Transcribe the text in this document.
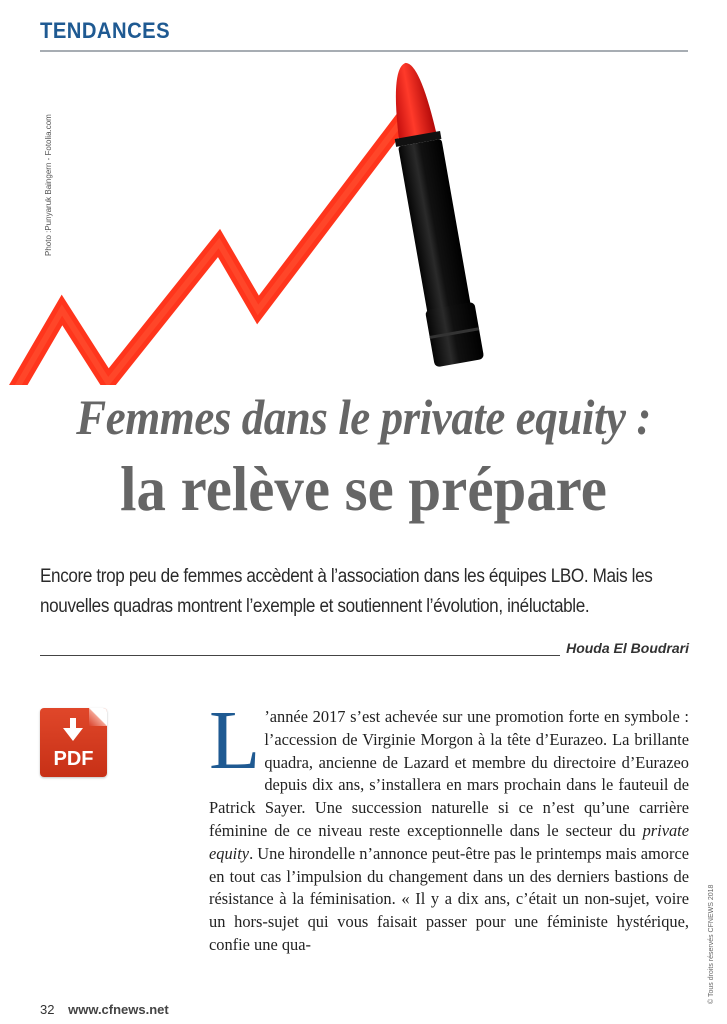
TENDANCES
Photo :Punyaruk Baingern - Fotolia.com
Femmes dans le private equity :
la relève se prépare

Encore trop peu de femmes accèdent à l’association dans les équipes LBO. Mais les nouvelles quadras montrent l’exemple et soutiennent l’évolution, inéluctable.

Houda El Boudrari
PDF L ’année 2017 s’est achevée sur une promotion forte en symbole : l’accession de Virginie Morgon à la tête d’Eurazeo. La brillante quadra, ancienne de Lazard et membre du directoire d’Eurazeo depuis dix ans, s’installera en mars prochain dans le fauteuil de Patrick Sayer. Une succession naturelle si ce n’est qu’une carrière féminine de ce niveau reste exceptionnelle dans le secteur du private equity. Une hirondelle n’annonce peut-être pas le printemps mais amorce en tout cas l’impulsion du changement dans un des derniers bastions de résistance à la féminisation. « Il y a dix ans, c’était un non-sujet, voire un hors-sujet qui vous faisait passer pour une féministe hystérique, confie une qua-	© Tous droits réservés CFNEWS 2018
32 www.cfnews.net
